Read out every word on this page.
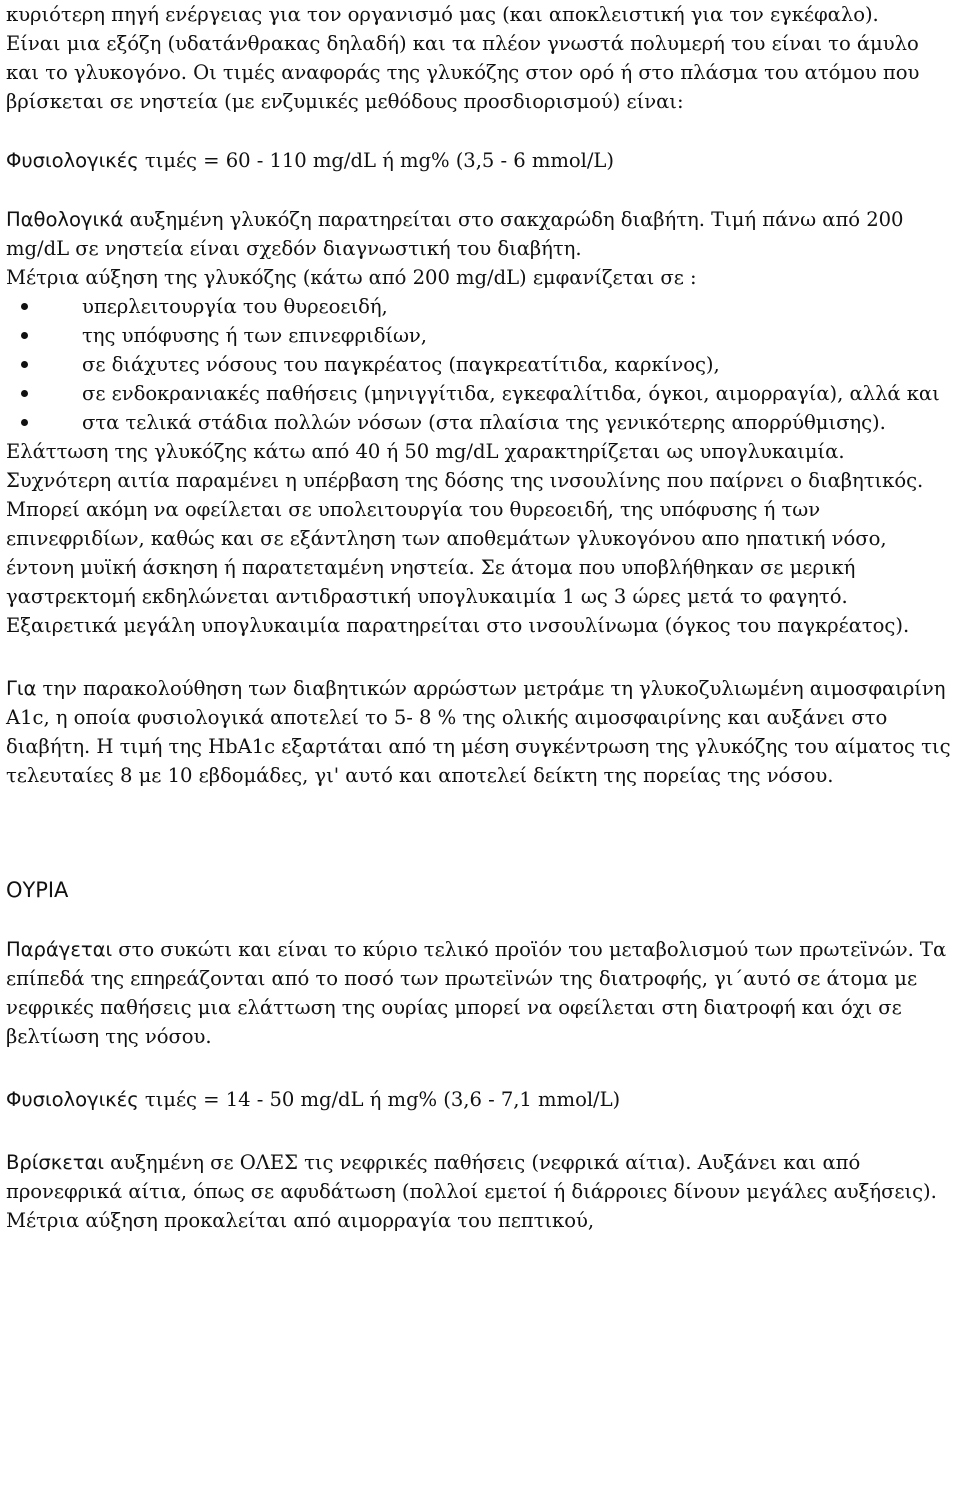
κυριότερη πηγή ενέργειας για τον οργανισμό μας (και αποκλειστική για τον εγκέφαλο).

Είναι μια εξόζη (υδατάνθρακας δηλαδή) και τα πλέον γνωστά πολυμερή του είναι το άμυλο και το γλυκογόνο. Οι τιμές αναφοράς της γλυκόζης στον ορό ή στο πλάσμα του ατόμου που βρίσκεται σε νηστεία (με ενζυμικές μεθόδους προσδιορισμού) είναι:

Φυσιολογικές τιμές = 60 - 110 mg/dL ή mg% (3,5 - 6 mmol/L)

Παθολογικά αυξημένη γλυκόζη παρατηρείται στο σακχαρώδη διαβήτη. Τιμή πάνω από 200 mg/dL σε νηστεία είναι σχεδόν διαγνωστική του διαβήτη.

Μέτρια αύξηση της γλυκόζης (κάτω από 200 mg/dL) εμφανίζεται σε :

υπερλειτουργία του θυρεοειδή,
της υπόφυσης ή των επινεφριδίων,
σε διάχυτες νόσους του παγκρέατος (παγκρεατίτιδα, καρκίνος),
σε ενδοκρανιακές παθήσεις (μηνιγγίτιδα, εγκεφαλίτιδα, όγκοι, αιμορραγία), αλλά και
στα τελικά στάδια πολλών νόσων (στα πλαίσια της γενικότερης απορρύθμισης).

Ελάττωση της γλυκόζης κάτω από 40 ή 50 mg/dL χαρακτηρίζεται ως υπογλυκαιμία.

Συχνότερη αιτία παραμένει η υπέρβαση της δόσης της ινσουλίνης που παίρνει ο διαβητικός.

Μπορεί ακόμη να οφείλεται σε υπολειτουργία του θυρεοειδή, της υπόφυσης ή των επινεφριδίων, καθώς και σε εξάντληση των αποθεμάτων γλυκογόνου απο ηπατική νόσο, έντονη μυϊκή άσκηση ή παρατεταμένη νηστεία. Σε άτομα που υποβλήθηκαν σε μερική γαστρεκτομή εκδηλώνεται αντιδραστική υπογλυκαιμία 1 ως 3 ώρες μετά το φαγητό. Εξαιρετικά μεγάλη υπογλυκαιμία παρατηρείται στο ινσουλίνωμα (όγκος του παγκρέατος).

Για την παρακολούθηση των διαβητικών αρρώστων μετράμε τη γλυκοζυλιωμένη αιμοσφαιρίνη A1c, η οποία φυσιολογικά αποτελεί το 5- 8 % της ολικής αιμοσφαιρίνης και αυξάνει στο διαβήτη. Η τιμή της HbA1c εξαρτάται από τη μέση συγκέντρωση της γλυκόζης του αίματος τις τελευταίες 8 με 10 εβδομάδες, γι' αυτό και αποτελεί δείκτη της πορείας της νόσου.

ΟΥΡΙΑ

Παράγεται στο συκώτι και είναι το κύριο τελικό προϊόν του μεταβολισμού των πρωτεϊνών. Τα επίπεδά της επηρεάζονται από το ποσό των πρωτεϊνών της διατροφής, γι΄αυτό σε άτομα με νεφρικές παθήσεις μια ελάττωση της ουρίας μπορεί να οφείλεται στη διατροφή και όχι σε βελτίωση της νόσου.

Φυσιολογικές τιμές = 14 - 50 mg/dL ή mg% (3,6 - 7,1 mmol/L)

Βρίσκεται αυξημένη σε ΟΛΕΣ τις νεφρικές παθήσεις (νεφρικά αίτια). Αυξάνει και από προνεφρικά αίτια, όπως σε αφυδάτωση (πολλοί εμετοί ή διάρροιες δίνουν μεγάλες αυξήσεις). Μέτρια αύξηση προκαλείται από αιμορραγία του πεπτικού,
